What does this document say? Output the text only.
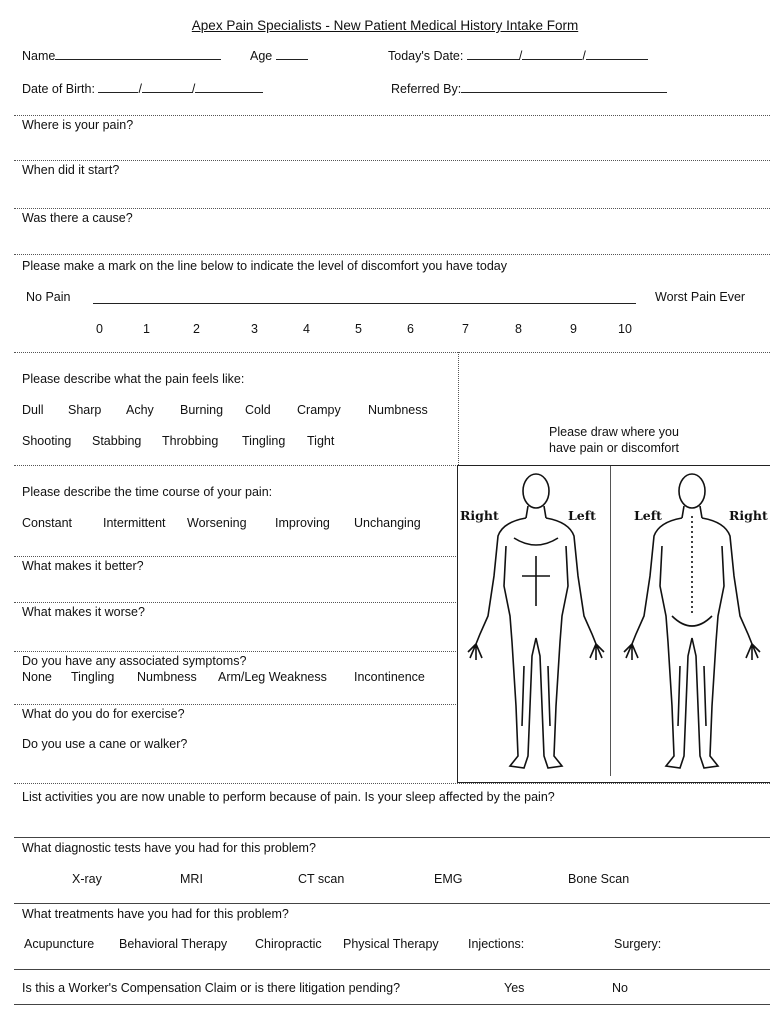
Apex Pain Specialists - New Patient Medical History Intake Form
Name	Age	Today's Date:	/	/
Date of Birth:	/	/	Referred By:
Where is your pain?
When did it start?
Was there a cause?
Please make a mark on the line below to indicate the level of discomfort you have today
No Pain	Worst Pain Ever
0	1	2	3	4	5	6	7	8	9	10
Please describe what the pain feels like:
Dull Sharp Achy Burning Cold Crampy Numbness
Shooting Stabbing Throbbing Tingling Tight
Please draw where you
have pain or discomfort
Please describe the time course of your pain:
Constant Intermittent Worsening Improving Unchanging
What makes it better?
What makes it worse?
Do you have any associated symptoms?
None Tingling Numbness Arm/Leg Weakness Incontinence
What do you do for exercise?
Do you use a cane or walker?
Right	Left	Left	Right
List activities you are now unable to perform because of pain. Is your sleep affected by the pain?
What diagnostic tests have you had for this problem?
X-ray	MRI	CT scan	EMG	Bone Scan
What treatments have you had for this problem?
Acupuncture Behavioral Therapy Chiropractic Physical Therapy Injections:	Surgery:
Is this a Worker's Compensation Claim or is there litigation pending?	Yes	No
